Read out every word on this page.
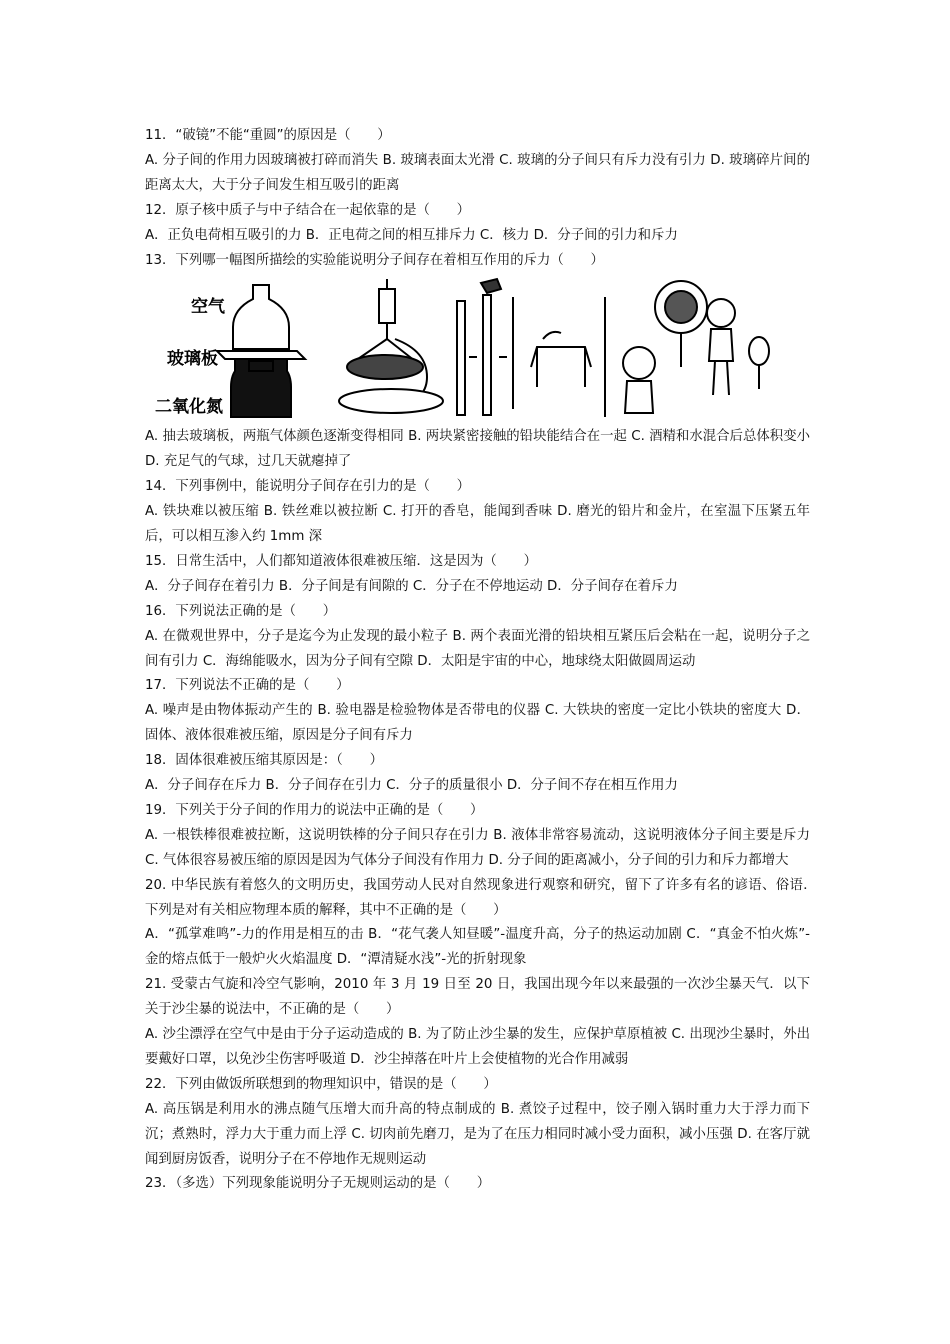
11．“破镜”不能“重圆”的原因是（　　）
A. 分子间的作用力因玻璃被打碎而消失 B. 玻璃表面太光滑 C. 玻璃的分子间只有斥力没有引力 D. 玻璃碎片间的距离太大，大于分子间发生相互吸引的距离
12．原子核中质子与中子结合在一起依靠的是（　　）
A．正负电荷相互吸引的力 B．正电荷之间的相互排斥力 C．核力 D．分子间的引力和斥力
13．下列哪一幅图所描绘的实验能说明分子间存在着相互作用的斥力（　　）
空气
玻璃板
二氧化氮
A. 抽去玻璃板，两瓶气体颜色逐渐变得相同 B. 两块紧密接触的铅块能结合在一起 C. 酒精和水混合后总体积变小 D. 充足气的气球，过几天就瘪掉了
14．下列事例中，能说明分子间存在引力的是（　　）
A. 铁块难以被压缩 B. 铁丝难以被拉断 C. 打开的香皂，能闻到香味 D. 磨光的铅片和金片，在室温下压紧五年后，可以相互渗入约 1mm 深
15．日常生活中，人们都知道液体很难被压缩．这是因为（　　）
A．分子间存在着引力 B．分子间是有间隙的 C．分子在不停地运动 D．分子间存在着斥力
16．下列说法正确的是（　　）
A. 在微观世界中，分子是迄今为止发现的最小粒子 B. 两个表面光滑的铅块相互紧压后会粘在一起，说明分子之间有引力 C．海绵能吸水，因为分子间有空隙 D．太阳是宇宙的中心，地球绕太阳做圆周运动
17．下列说法不正确的是（　　）
A. 噪声是由物体振动产生的 B. 验电器是检验物体是否带电的仪器 C. 大铁块的密度一定比小铁块的密度大 D．固体、液体很难被压缩，原因是分子间有斥力
18．固体很难被压缩其原因是：（　　）
A．分子间存在斥力 B．分子间存在引力 C．分子的质量很小 D．分子间不存在相互作用力
19．下列关于分子间的作用力的说法中正确的是（　　）
A. 一根铁棒很难被拉断，这说明铁棒的分子间只存在引力 B. 液体非常容易流动，这说明液体分子间主要是斥力 C. 气体很容易被压缩的原因是因为气体分子间没有作用力 D. 分子间的距离减小，分子间的引力和斥力都增大
20. 中华民族有着悠久的文明历史，我国劳动人民对自然现象进行观察和研究，留下了许多有名的谚语、俗语．　下列是对有关相应物理本质的解释，其中不正确的是（　　）
A．“孤掌难鸣”-力的作用是相互的击 B．“花气袭人知昼暖”-温度升高，分子的热运动加剧 C．“真金不怕火炼”-金的熔点低于一般炉火火焰温度 D．“潭清疑水浅”-光的折射现象
21. 受蒙古气旋和冷空气影响，2010 年 3 月 19 日至 20 日，我国出现今年以来最强的一次沙尘暴天气．以下关于沙尘暴的说法中，不正确的是（　　）
A. 沙尘漂浮在空气中是由于分子运动造成的 B. 为了防止沙尘暴的发生，应保护草原植被 C. 出现沙尘暴时，外出要戴好口罩，以免沙尘伤害呼吸道 D．沙尘掉落在叶片上会使植物的光合作用减弱
22．下列由做饭所联想到的物理知识中，错误的是（　　）
A. 高压锅是利用水的沸点随气压增大而升高的特点制成的 B. 煮饺子过程中，饺子刚入锅时重力大于浮力而下沉；煮熟时，浮力大于重力而上浮 C. 切肉前先磨刀，是为了在压力相同时减小受力面积，减小压强 D. 在客厅就闻到厨房饭香，说明分子在不停地作无规则运动
23．（多选）下列现象能说明分子无规则运动的是（　　）
